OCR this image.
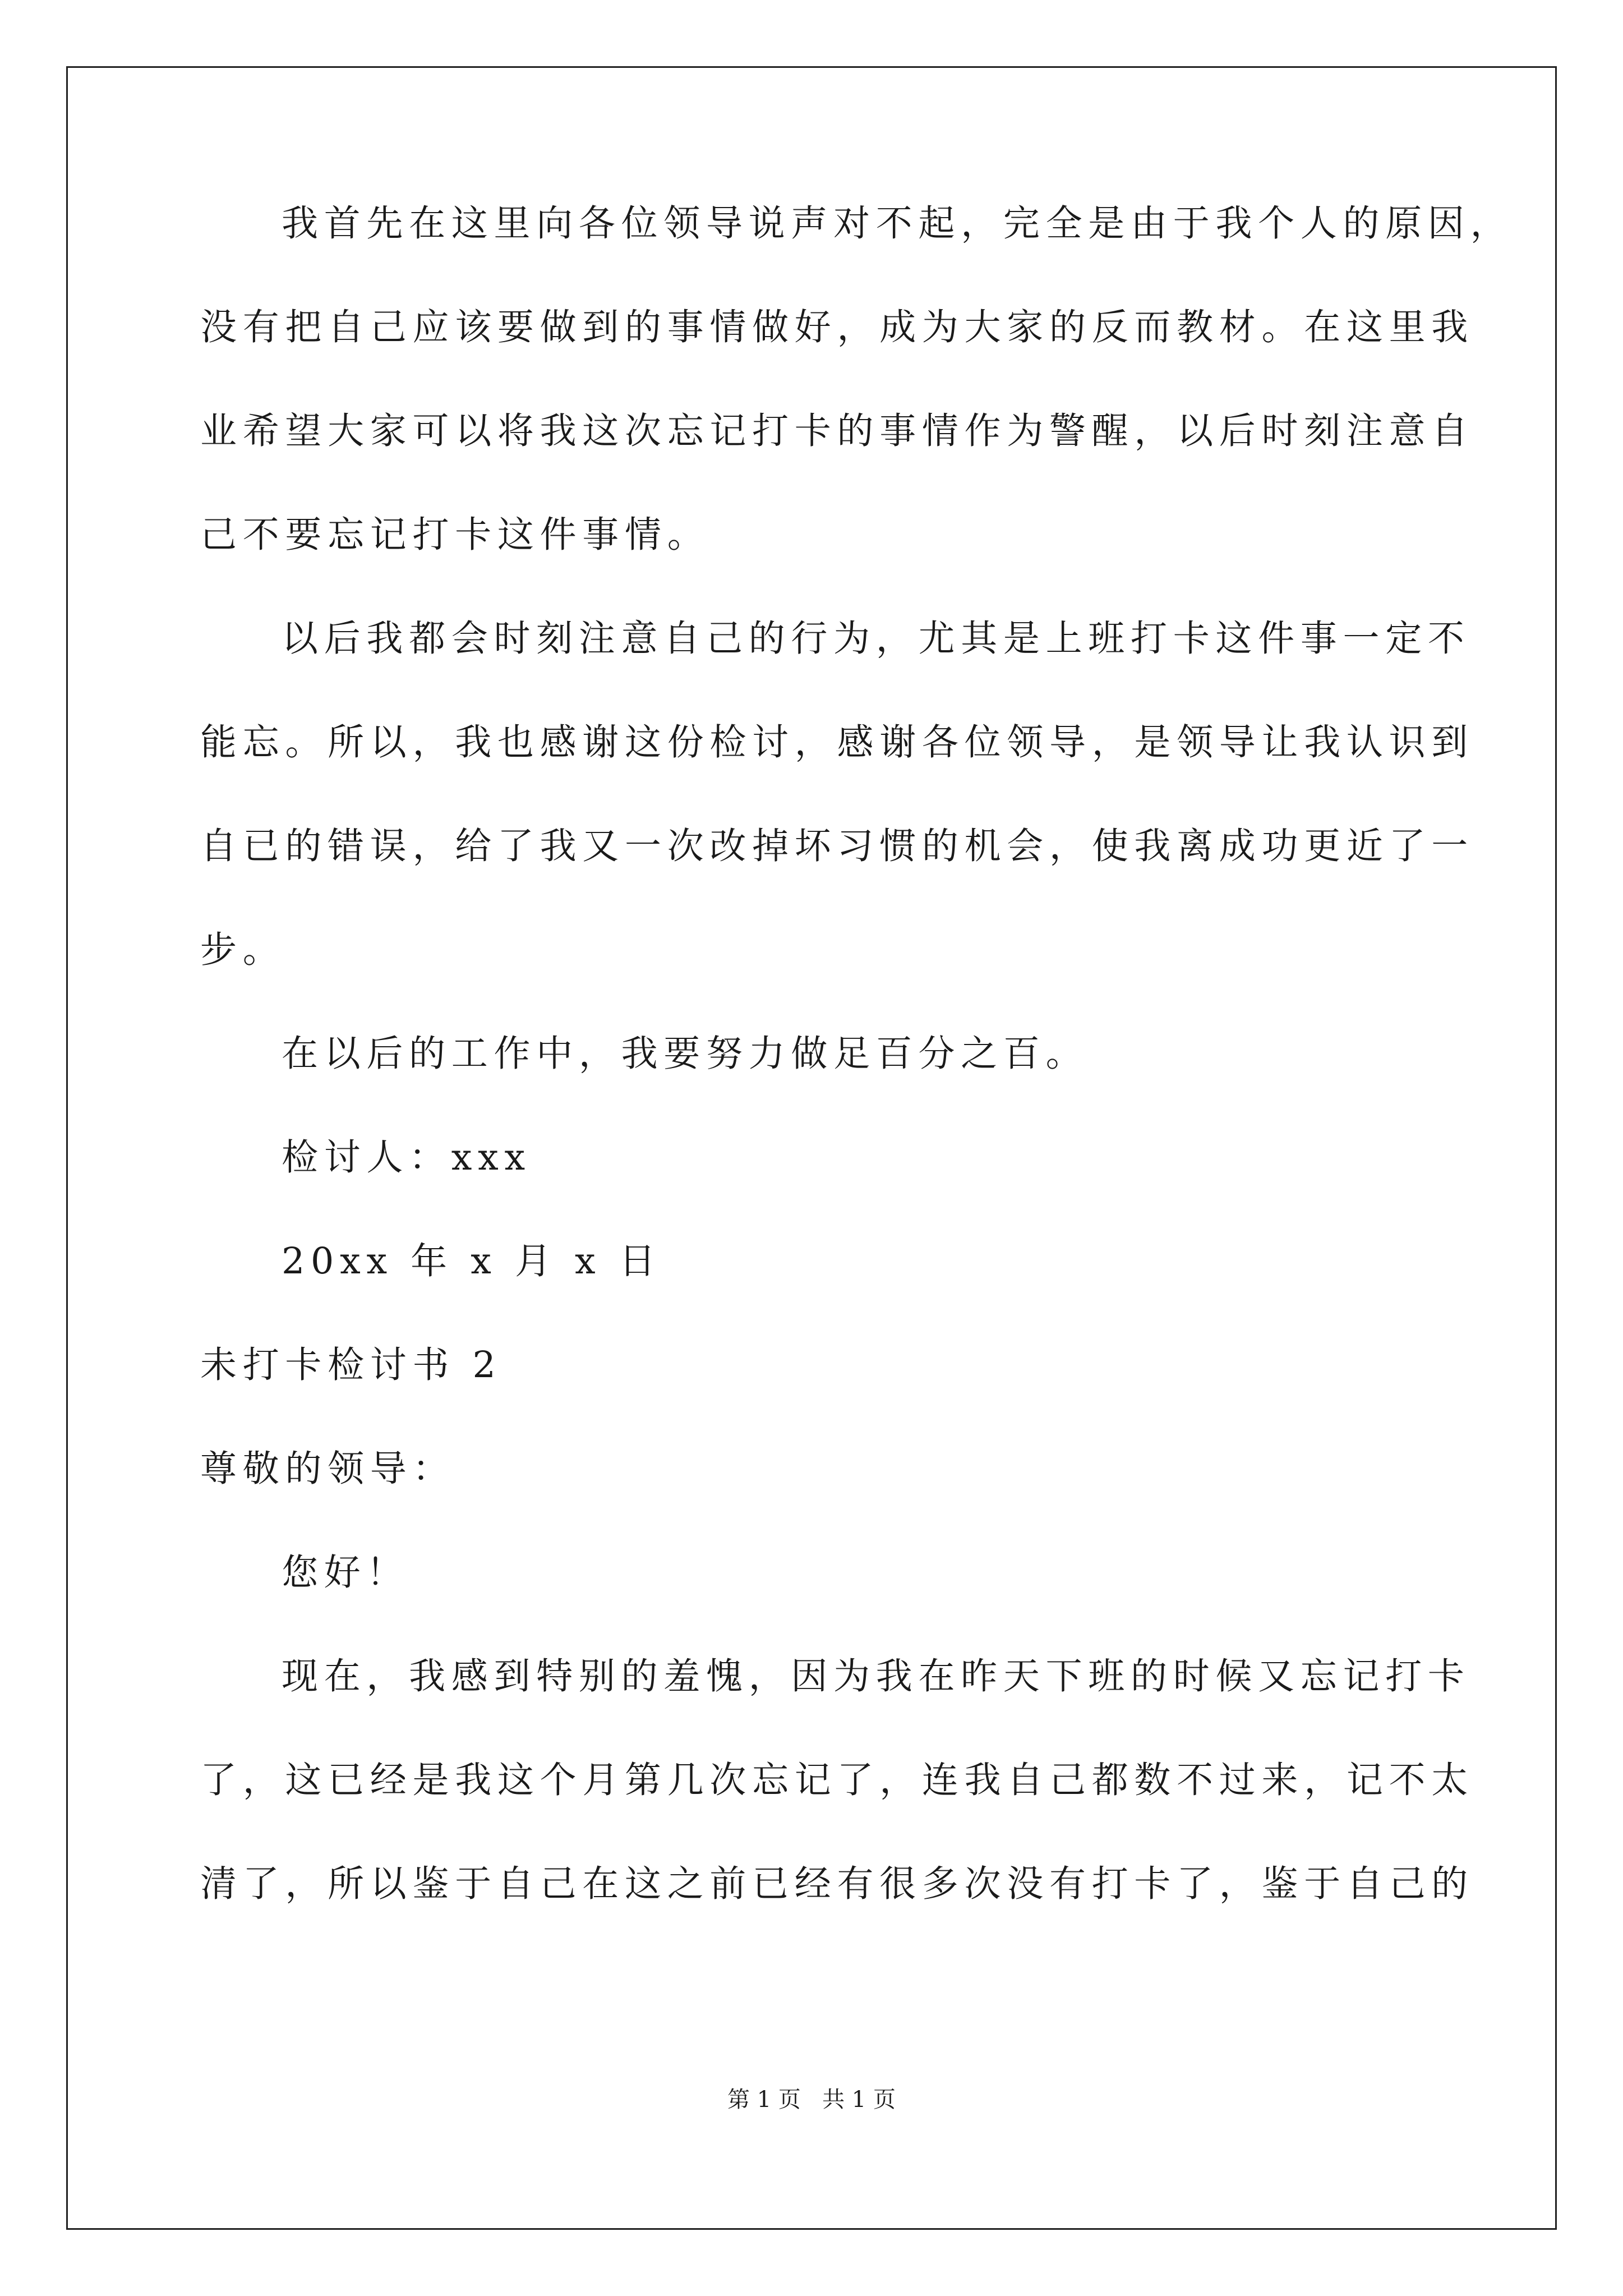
我首先在这里向各位领导说声对不起，完全是由于我个人的原因，
没有把自己应该要做到的事情做好，成为大家的反而教材。在这里我
业希望大家可以将我这次忘记打卡的事情作为警醒，以后时刻注意自
己不要忘记打卡这件事情。
以后我都会时刻注意自己的行为，尤其是上班打卡这件事一定不
能忘。所以，我也感谢这份检讨，感谢各位领导，是领导让我认识到
自已的错误，给了我又一次改掉坏习惯的机会，使我离成功更近了一
步。
在以后的工作中，我要努力做足百分之百。
检讨人：xxx
20xx 年 x 月 x 日
未打卡检讨书 2
尊敬的领导：
您好！
现在，我感到特别的羞愧，因为我在昨天下班的时候又忘记打卡
了，这已经是我这个月第几次忘记了，连我自己都数不过来，记不太
清了，所以鉴于自己在这之前已经有很多次没有打卡了，鉴于自己的
第 1 页   共 1 页
